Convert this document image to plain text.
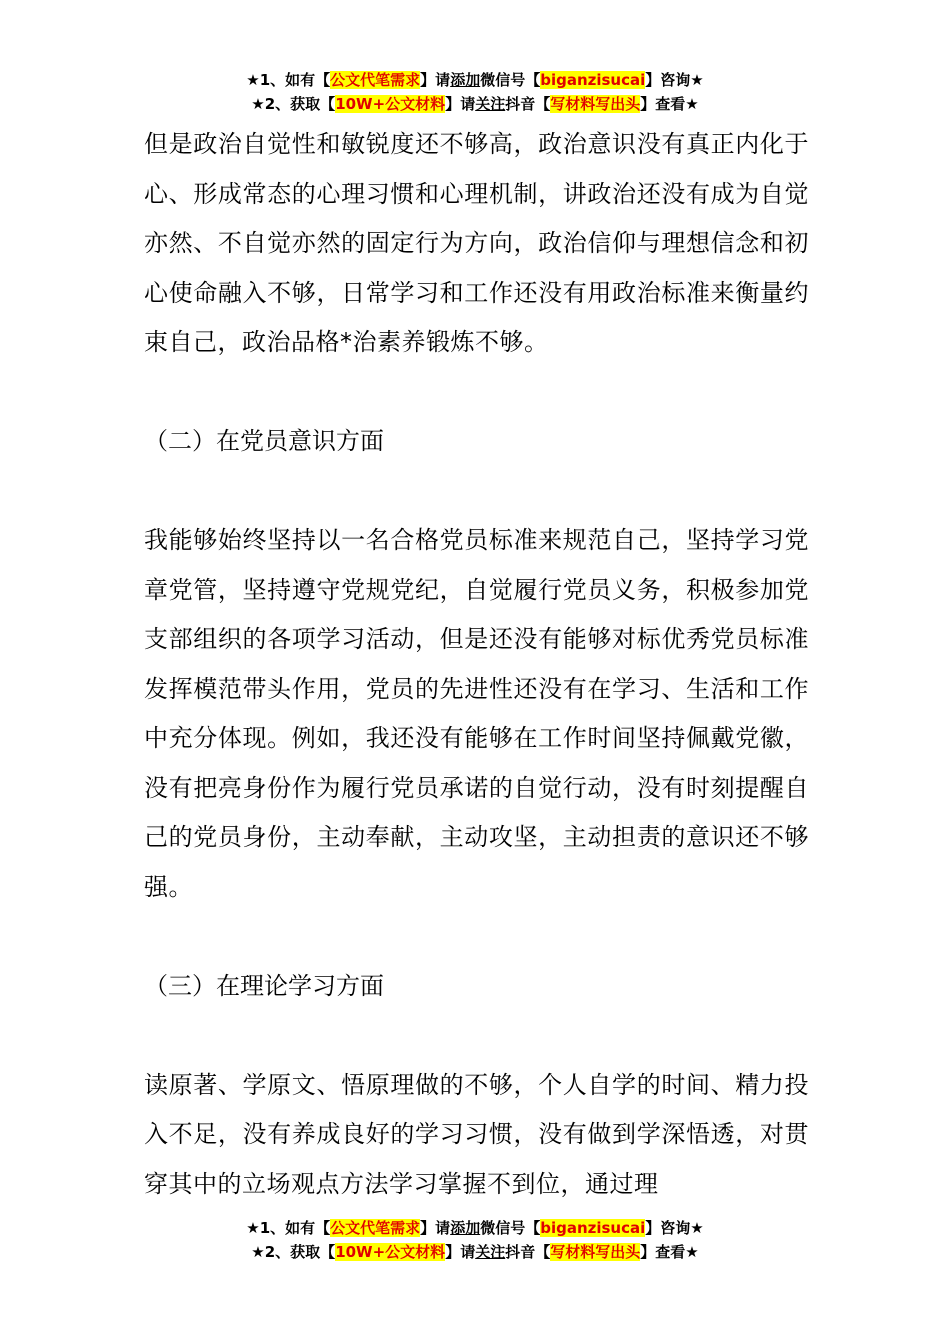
★1、如有【公文代笔需求】请添加微信号【biganzisucai】咨询★
★2、获取【10W+公文材料】请关注抖音【写材料写出头】查看★

但是政治自觉性和敏锐度还不够高，政治意识没有真正内化于心、形成常态的心理习惯和心理机制，讲政治还没有成为自觉亦然、不自觉亦然的固定行为方向，政治信仰与理想信念和初心使命融入不够，日常学习和工作还没有用政治标准来衡量约束自己，政治品格*治素养锻炼不够。

（二）在党员意识方面

我能够始终坚持以一名合格党员标准来规范自己，坚持学习党章党管，坚持遵守党规党纪，自觉履行党员义务，积极参加党支部组织的各项学习活动，但是还没有能够对标优秀党员标准发挥模范带头作用，党员的先进性还没有在学习、生活和工作中充分体现。例如，我还没有能够在工作时间坚持佩戴党徽，没有把亮身份作为履行党员承诺的自觉行动，没有时刻提醒自己的党员身份，主动奉献，主动攻坚，主动担责的意识还不够强。

（三）在理论学习方面

读原著、学原文、悟原理做的不够，个人自学的时间、精力投入不足，没有养成良好的学习习惯，没有做到学深悟透，对贯穿其中的立场观点方法学习掌握不到位，通过理

★1、如有【公文代笔需求】请添加微信号【biganzisucai】咨询★
★2、获取【10W+公文材料】请关注抖音【写材料写出头】查看★
